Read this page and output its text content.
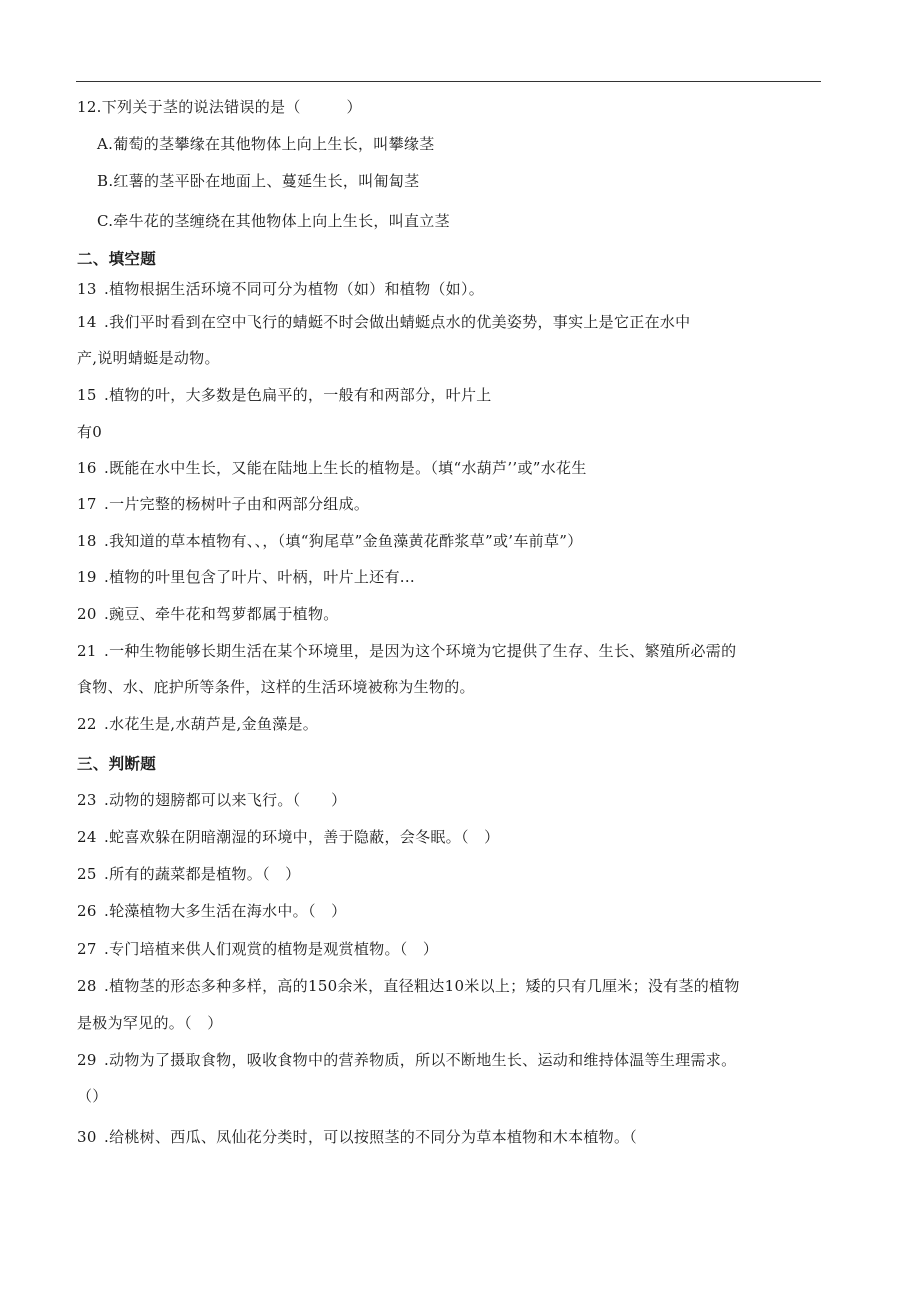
12.下列关于茎的说法错误的是（　　　）
A.葡萄的茎攀缘在其他物体上向上生长，叫攀缘茎
B.红薯的茎平卧在地面上、蔓延生长，叫匍匐茎
C.牵牛花的茎缠绕在其他物体上向上生长，叫直立茎
二、填空题
13 .植物根据生活环境不同可分为植物（如）和植物（如）。
14 .我们平时看到在空中飞行的蜻蜓不时会做出蜻蜓点水的优美姿势，事实上是它正在水中
产,说明蜻蜓是动物。
15 .植物的叶，大多数是色扁平的，一般有和两部分，叶片上
有0
16 .既能在水中生长，又能在陆地上生长的植物是。（填“水葫芦’’或”水花生
17 .一片完整的杨树叶子由和两部分组成。
18 .我知道的草本植物有、、，（填“狗尾草”金鱼藻黄花酢浆草”或’车前草”）
19 .植物的叶里包含了叶片、叶柄，叶片上还有...
20 .豌豆、牵牛花和驾萝都属于植物。
21 .一种生物能够长期生活在某个环境里，是因为这个环境为它提供了生存、生长、繁殖所必需的
食物、水、庇护所等条件，这样的生活环境被称为生物的。
22 .水花生是,水葫芦是,金鱼藻是。
三、判断题
23 .动物的翅膀都可以来飞行。（　　）
24 .蛇喜欢躲在阴暗潮湿的环境中，善于隐蔽，会冬眠。（　）
25 .所有的蔬菜都是植物。（　）
26 .轮藻植物大多生活在海水中。（　）
27 .专门培植来供人们观赏的植物是观赏植物。（　）
28 .植物茎的形态多种多样，高的150余米，直径粗达10米以上；矮的只有几厘米；没有茎的植物
是极为罕见的。（　）
29 .动物为了摄取食物，吸收食物中的营养物质，所以不断地生长、运动和维持体温等生理需求。
（）
30 .给桃树、西瓜、凤仙花分类时，可以按照茎的不同分为草本植物和木本植物。（
